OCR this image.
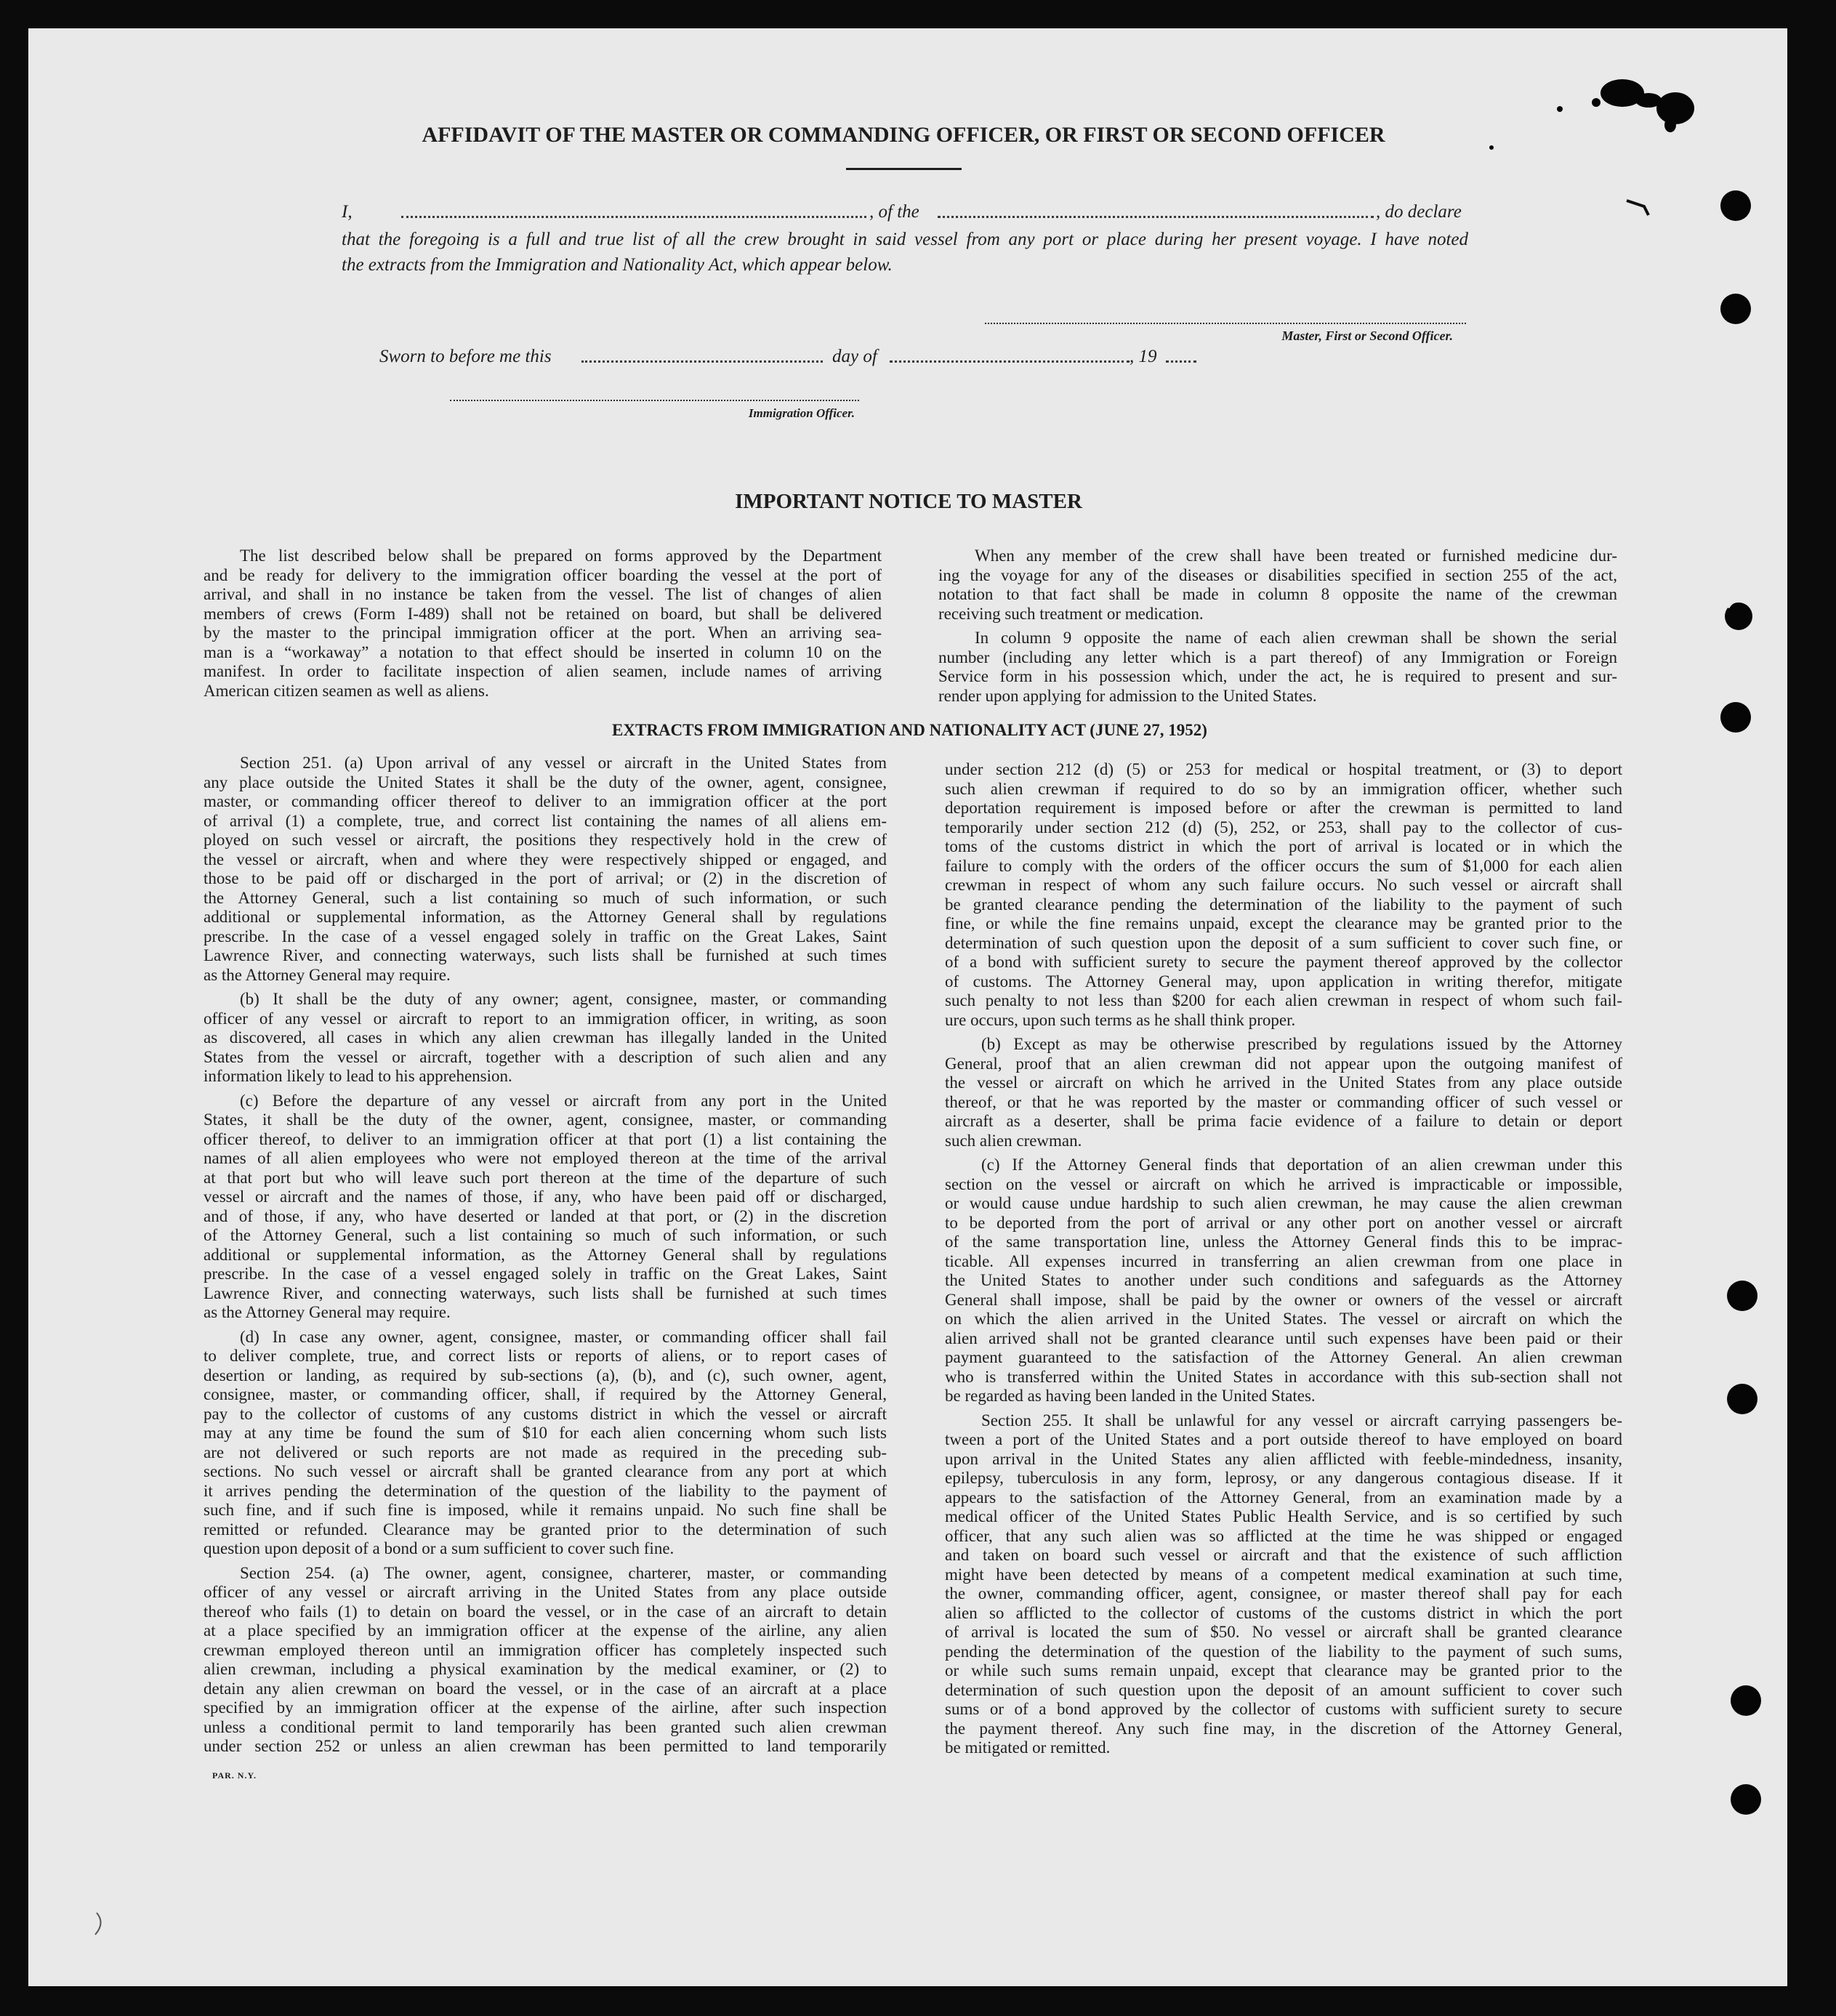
AFFIDAVIT OF THE MASTER OR COMMANDING OFFICER, OR FIRST OR SECOND OFFICER
I,	, of the	, do declare
that the foregoing is a full and true list of all the crew brought in said vessel from any port or place during her present voyage. I have noted
the extracts from the Immigration and Nationality Act, which appear below.
Master, First or Second Officer.
Sworn to before me this	day of	, 19
Immigration Officer.
IMPORTANT NOTICE TO MASTER
The list described below shall be prepared on forms approved by the Department
and be ready for delivery to the immigration officer boarding the vessel at the port of
arrival, and shall in no instance be taken from the vessel. The list of changes of alien
members of crews (Form I-489) shall not be retained on board, but shall be delivered
by the master to the principal immigration officer at the port. When an arriving sea-
man is a “workaway” a notation to that effect should be inserted in column 10 on the
manifest. In order to facilitate inspection of alien seamen, include names of arriving
American citizen seamen as well as aliens.
When any member of the crew shall have been treated or furnished medicine dur-
ing the voyage for any of the diseases or disabilities specified in section 255 of the act,
notation to that fact shall be made in column 8 opposite the name of the crewman
receiving such treatment or medication.
In column 9 opposite the name of each alien crewman shall be shown the serial
number (including any letter which is a part thereof) of any Immigration or Foreign
Service form in his possession which, under the act, he is required to present and sur-
render upon applying for admission to the United States.
EXTRACTS FROM IMMIGRATION AND NATIONALITY ACT (JUNE 27, 1952)
Section 251. (a) Upon arrival of any vessel or aircraft in the United States from
any place outside the United States it shall be the duty of the owner, agent, consignee,
master, or commanding officer thereof to deliver to an immigration officer at the port
of arrival (1) a complete, true, and correct list containing the names of all aliens em-
ployed on such vessel or aircraft, the positions they respectively hold in the crew of
the vessel or aircraft, when and where they were respectively shipped or engaged, and
those to be paid off or discharged in the port of arrival; or (2) in the discretion of
the Attorney General, such a list containing so much of such information, or such
additional or supplemental information, as the Attorney General shall by regulations
prescribe. In the case of a vessel engaged solely in traffic on the Great Lakes, Saint
Lawrence River, and connecting waterways, such lists shall be furnished at such times
as the Attorney General may require.
(b) It shall be the duty of any owner; agent, consignee, master, or commanding
officer of any vessel or aircraft to report to an immigration officer, in writing, as soon
as discovered, all cases in which any alien crewman has illegally landed in the United
States from the vessel or aircraft, together with a description of such alien and any
information likely to lead to his apprehension.
(c) Before the departure of any vessel or aircraft from any port in the United
States, it shall be the duty of the owner, agent, consignee, master, or commanding
officer thereof, to deliver to an immigration officer at that port (1) a list containing the
names of all alien employees who were not employed thereon at the time of the arrival
at that port but who will leave such port thereon at the time of the departure of such
vessel or aircraft and the names of those, if any, who have been paid off or discharged,
and of those, if any, who have deserted or landed at that port, or (2) in the discretion
of the Attorney General, such a list containing so much of such information, or such
additional or supplemental information, as the Attorney General shall by regulations
prescribe. In the case of a vessel engaged solely in traffic on the Great Lakes, Saint
Lawrence River, and connecting waterways, such lists shall be furnished at such times
as the Attorney General may require.
(d) In case any owner, agent, consignee, master, or commanding officer shall fail
to deliver complete, true, and correct lists or reports of aliens, or to report cases of
desertion or landing, as required by sub-sections (a), (b), and (c), such owner, agent,
consignee, master, or commanding officer, shall, if required by the Attorney General,
pay to the collector of customs of any customs district in which the vessel or aircraft
may at any time be found the sum of $10 for each alien concerning whom such lists
are not delivered or such reports are not made as required in the preceding sub-
sections. No such vessel or aircraft shall be granted clearance from any port at which
it arrives pending the determination of the question of the liability to the payment of
such fine, and if such fine is imposed, while it remains unpaid. No such fine shall be
remitted or refunded. Clearance may be granted prior to the determination of such
question upon deposit of a bond or a sum sufficient to cover such fine.
Section 254. (a) The owner, agent, consignee, charterer, master, or commanding
officer of any vessel or aircraft arriving in the United States from any place outside
thereof who fails (1) to detain on board the vessel, or in the case of an aircraft to detain
at a place specified by an immigration officer at the expense of the airline, any alien
crewman employed thereon until an immigration officer has completely inspected such
alien crewman, including a physical examination by the medical examiner, or (2) to
detain any alien crewman on board the vessel, or in the case of an aircraft at a place
specified by an immigration officer at the expense of the airline, after such inspection
unless a conditional permit to land temporarily has been granted such alien crewman
under section 252 or unless an alien crewman has been permitted to land temporarily
under section 212 (d) (5) or 253 for medical or hospital treatment, or (3) to deport
such alien crewman if required to do so by an immigration officer, whether such
deportation requirement is imposed before or after the crewman is permitted to land
temporarily under section 212 (d) (5), 252, or 253, shall pay to the collector of cus-
toms of the customs district in which the port of arrival is located or in which the
failure to comply with the orders of the officer occurs the sum of $1,000 for each alien
crewman in respect of whom any such failure occurs. No such vessel or aircraft shall
be granted clearance pending the determination of the liability to the payment of such
fine, or while the fine remains unpaid, except the clearance may be granted prior to the
determination of such question upon the deposit of a sum sufficient to cover such fine, or
of a bond with sufficient surety to secure the payment thereof approved by the collector
of customs. The Attorney General may, upon application in writing therefor, mitigate
such penalty to not less than $200 for each alien crewman in respect of whom such fail-
ure occurs, upon such terms as he shall think proper.
(b) Except as may be otherwise prescribed by regulations issued by the Attorney
General, proof that an alien crewman did not appear upon the outgoing manifest of
the vessel or aircraft on which he arrived in the United States from any place outside
thereof, or that he was reported by the master or commanding officer of such vessel or
aircraft as a deserter, shall be prima facie evidence of a failure to detain or deport
such alien crewman.
(c) If the Attorney General finds that deportation of an alien crewman under this
section on the vessel or aircraft on which he arrived is impracticable or impossible,
or would cause undue hardship to such alien crewman, he may cause the alien crewman
to be deported from the port of arrival or any other port on another vessel or aircraft
of the same transportation line, unless the Attorney General finds this to be imprac-
ticable. All expenses incurred in transferring an alien crewman from one place in
the United States to another under such conditions and safeguards as the Attorney
General shall impose, shall be paid by the owner or owners of the vessel or aircraft
on which the alien arrived in the United States. The vessel or aircraft on which the
alien arrived shall not be granted clearance until such expenses have been paid or their
payment guaranteed to the satisfaction of the Attorney General. An alien crewman
who is transferred within the United States in accordance with this sub-section shall not
be regarded as having been landed in the United States.
Section 255. It shall be unlawful for any vessel or aircraft carrying passengers be-
tween a port of the United States and a port outside thereof to have employed on board
upon arrival in the United States any alien afflicted with feeble-mindedness, insanity,
epilepsy, tuberculosis in any form, leprosy, or any dangerous contagious disease. If it
appears to the satisfaction of the Attorney General, from an examination made by a
medical officer of the United States Public Health Service, and is so certified by such
officer, that any such alien was so afflicted at the time he was shipped or engaged
and taken on board such vessel or aircraft and that the existence of such affliction
might have been detected by means of a competent medical examination at such time,
the owner, commanding officer, agent, consignee, or master thereof shall pay for each
alien so afflicted to the collector of customs of the customs district in which the port
of arrival is located the sum of $50. No vessel or aircraft shall be granted clearance
pending the determination of the question of the liability to the payment of such sums,
or while such sums remain unpaid, except that clearance may be granted prior to the
determination of such question upon the deposit of an amount sufficient to cover such
sums or of a bond approved by the collector of customs with sufficient surety to secure
the payment thereof. Any such fine may, in the discretion of the Attorney General,
be mitigated or remitted.
PAR. N.Y.
